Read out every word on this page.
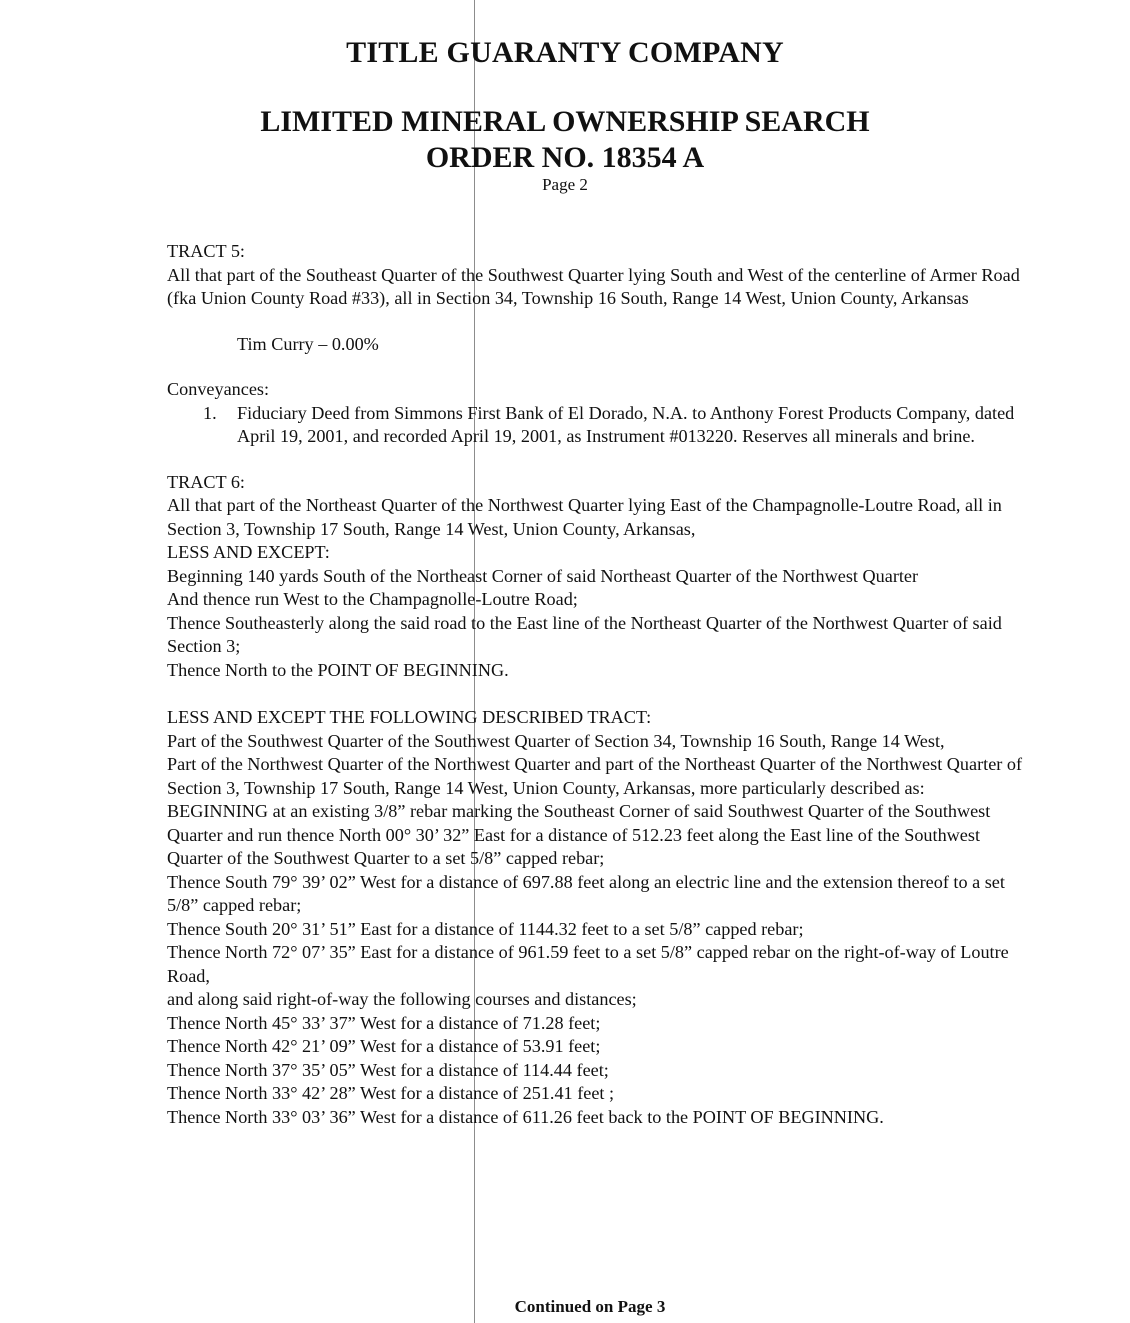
TITLE GUARANTY COMPANY
LIMITED MINERAL OWNERSHIP SEARCH
ORDER NO. 18354 A
Page 2

TRACT 5:

All that part of the Southeast Quarter of the Southwest Quarter lying South and West of the centerline of Armer Road (fka Union County Road #33), all in Section 34, Township 16 South, Range 14 West, Union County, Arkansas

Tim Curry – 0.00%

Conveyances:

1.	Fiduciary Deed from Simmons First Bank of El Dorado, N.A. to Anthony Forest Products Company, dated April 19, 2001, and recorded April 19, 2001, as Instrument #013220. Reserves all minerals and brine.

TRACT 6:

All that part of the Northeast Quarter of the Northwest Quarter lying East of the Champagnolle-Loutre Road, all in Section 3, Township 17 South, Range 14 West, Union County, Arkansas,

LESS AND EXCEPT:

Beginning 140 yards South of the Northeast Corner of said Northeast Quarter of the Northwest Quarter

And thence run West to the Champagnolle-Loutre Road;

Thence Southeasterly along the said road to the East line of the Northeast Quarter of the Northwest Quarter of said Section 3;

Thence North to the POINT OF BEGINNING.

LESS AND EXCEPT THE FOLLOWING DESCRIBED TRACT:

Part of the Southwest Quarter of the Southwest Quarter of Section 34, Township 16 South, Range 14 West,

Part of the Northwest Quarter of the Northwest Quarter and part of the Northeast Quarter of the Northwest Quarter of Section 3, Township 17 South, Range 14 West, Union County, Arkansas, more particularly described as:

BEGINNING at an existing 3/8” rebar marking the Southeast Corner of said Southwest Quarter of the Southwest Quarter and run thence North 00° 30’ 32” East for a distance of 512.23 feet along the East line of the Southwest Quarter of the Southwest Quarter to a set 5/8” capped rebar;

Thence South 79° 39’ 02” West for a distance of 697.88 feet along an electric line and the extension thereof to a set 5/8” capped rebar;

Thence South 20° 31’ 51” East for a distance of 1144.32 feet to a set 5/8” capped rebar;

Thence North 72° 07’ 35” East for a distance of 961.59 feet to a set 5/8” capped rebar on the right-of-way of Loutre Road,

and along said right-of-way the following courses and distances;

Thence North 45° 33’ 37” West for a distance of 71.28 feet;

Thence North 42° 21’ 09” West for a distance of 53.91 feet;

Thence North 37° 35’ 05” West for a distance of 114.44 feet;

Thence North 33° 42’ 28” West for a distance of 251.41 feet ;

Thence North 33° 03’ 36” West for a distance of 611.26 feet back to the POINT OF BEGINNING.

Continued on Page 3
